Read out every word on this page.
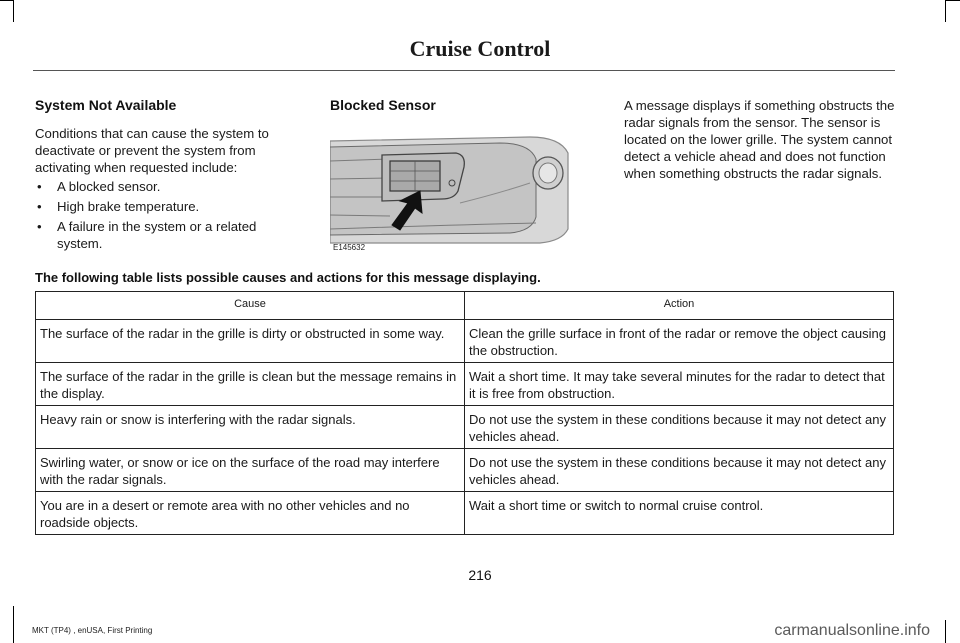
Cruise Control
System Not Available
Conditions that can cause the system to deactivate or prevent the system from activating when requested include:
• A blocked sensor.
• High brake temperature.
• A failure in the system or a related system.
Blocked Sensor
E145632
A message displays if something obstructs the radar signals from the sensor. The sensor is located on the lower grille. The system cannot detect a vehicle ahead and does not function when something obstructs the radar signals.
The following table lists possible causes and actions for this message displaying.
Cause	Action
The surface of the radar in the grille is dirty or obstructed in some way.	Clean the grille surface in front of the radar or remove the object causing the obstruction.
The surface of the radar in the grille is clean but the message remains in the display.	Wait a short time. It may take several minutes for the radar to detect that it is free from obstruction.
Heavy rain or snow is interfering with the radar signals.	Do not use the system in these conditions because it may not detect any vehicles ahead.
Swirling water, or snow or ice on the surface of the road may interfere with the radar signals.	Do not use the system in these conditions because it may not detect any vehicles ahead.
You are in a desert or remote area with no other vehicles and no roadside objects.	Wait a short time or switch to normal cruise control.
216
MKT (TP4) , enUSA, First Printing	carmanualsonline.info
